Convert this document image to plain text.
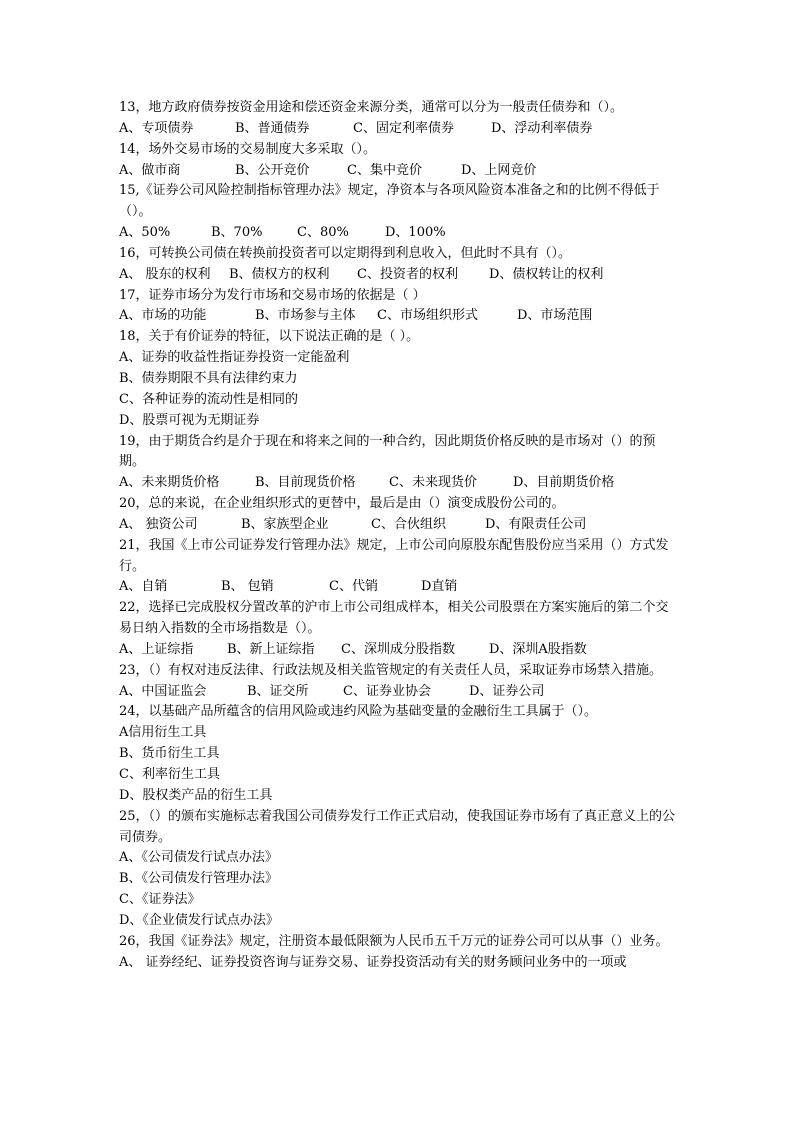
13，地方政府债券按资金用途和偿还资金来源分类，通常可以分为一般责任债券和（）。
A、专项债券	B、普通债券	C、固定利率债券	D、浮动利率债券
14，场外交易市场的交易制度大多采取（）。
A、做市商	B、公开竞价	C、集中竞价	D、上网竞价
15,《证券公司风险控制指标管理办法》规定，净资本与各项风险资本准备之和的比例不得低于（）。
A、50%	B、70%	C、80%	D、100%
16，可转换公司债在转换前投资者可以定期得到利息收入，但此时不具有（）。
A、 股东的权利	B、债权方的权利	C、投资者的权利	D、债权转让的权利
17，证券市场分为发行市场和交易市场的依据是（ ）
A、市场的功能	B、市场参与主体	C、市场组织形式	D、市场范围
18，关于有价证券的特征，以下说法正确的是（ ）。
A、证券的收益性指证券投资一定能盈利
B、债券期限不具有法律约束力
C、各种证券的流动性是相同的
D、股票可视为无期证券
19，由于期货合约是介于现在和将来之间的一种合约，因此期货价格反映的是市场对（）的预期。
A、未来期货价格	B、目前现货价格	C、未来现货价	D、目前期货价格
20，总的来说，在企业组织形式的更替中，最后是由（）演变成股份公司的。
A、 独资公司	B、家族型企业	C、合伙组织	D、有限责任公司
21，我国《上市公司证券发行管理办法》规定，上市公司向原股东配售股份应当采用（）方式发行。
A、自销	B、 包销	C、代销	D直销
22，选择已完成股权分置改革的沪市上市公司组成样本，相关公司股票在方案实施后的第二个交易日纳入指数的全市场指数是（）。
A、上证综指	B、新上证综指	C、深圳成分股指数	D、深圳A股指数
23，（）有权对违反法律、行政法规及相关监管规定的有关责任人员，采取证券市场禁入措施。
A、中国证监会	B、证交所	C、证券业协会	D、证券公司
24，以基础产品所蕴含的信用风险或违约风险为基础变量的金融衍生工具属于（）。
A信用衍生工具
B、货币衍生工具
C、利率衍生工具
D、股权类产品的衍生工具
25，（）的颁布实施标志着我国公司债券发行工作正式启动，使我国证券市场有了真正意义上的公司债券。
A、《公司债发行试点办法》
B、《公司债发行管理办法》
C、《证券法》
D、《企业债发行试点办法》
26，我国《证券法》规定，注册资本最低限额为人民币五千万元的证券公司可以从事（）业务。
A、 证券经纪、证券投资咨询与证券交易、证券投资活动有关的财务顾问业务中的一项或
